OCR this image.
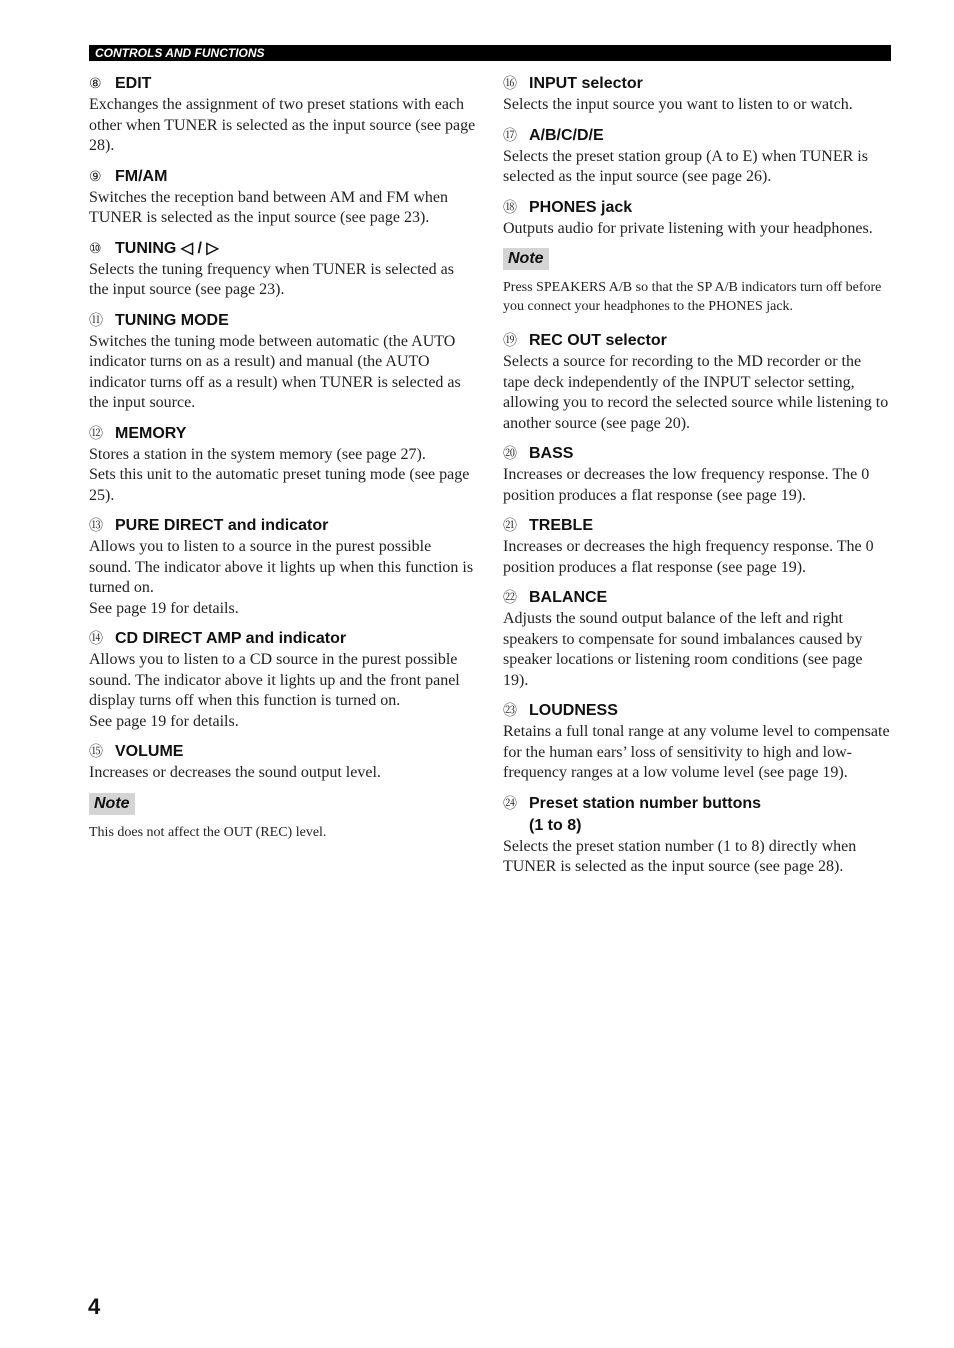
CONTROLS AND FUNCTIONS
⑧ EDIT
Exchanges the assignment of two preset stations with each other when TUNER is selected as the input source (see page 28).
⑨ FM/AM
Switches the reception band between AM and FM when TUNER is selected as the input source (see page 23).
⑩ TUNING ◁ / ▷
Selects the tuning frequency when TUNER is selected as the input source (see page 23).
⑪ TUNING MODE
Switches the tuning mode between automatic (the AUTO indicator turns on as a result) and manual (the AUTO indicator turns off as a result) when TUNER is selected as the input source.
⑫ MEMORY
Stores a station in the system memory (see page 27).
Sets this unit to the automatic preset tuning mode (see page 25).
⑬ PURE DIRECT and indicator
Allows you to listen to a source in the purest possible sound. The indicator above it lights up when this function is turned on.
See page 19 for details.
⑭ CD DIRECT AMP and indicator
Allows you to listen to a CD source in the purest possible sound. The indicator above it lights up and the front panel display turns off when this function is turned on.
See page 19 for details.
⑮ VOLUME
Increases or decreases the sound output level.
Note
This does not affect the OUT (REC) level.
⑯ INPUT selector
Selects the input source you want to listen to or watch.
⑰ A/B/C/D/E
Selects the preset station group (A to E) when TUNER is selected as the input source (see page 26).
⑱ PHONES jack
Outputs audio for private listening with your headphones.
Note
Press SPEAKERS A/B so that the SP A/B indicators turn off before you connect your headphones to the PHONES jack.
⑲ REC OUT selector
Selects a source for recording to the MD recorder or the tape deck independently of the INPUT selector setting, allowing you to record the selected source while listening to another source (see page 20).
⑳ BASS
Increases or decreases the low frequency response. The 0 position produces a flat response (see page 19).
㉑ TREBLE
Increases or decreases the high frequency response. The 0 position produces a flat response (see page 19).
㉒ BALANCE
Adjusts the sound output balance of the left and right speakers to compensate for sound imbalances caused by speaker locations or listening room conditions (see page 19).
㉓ LOUDNESS
Retains a full tonal range at any volume level to compensate for the human ears’ loss of sensitivity to high and low-frequency ranges at a low volume level (see page 19).
㉔ Preset station number buttons
(1 to 8)
Selects the preset station number (1 to 8) directly when TUNER is selected as the input source (see page 28).
4
